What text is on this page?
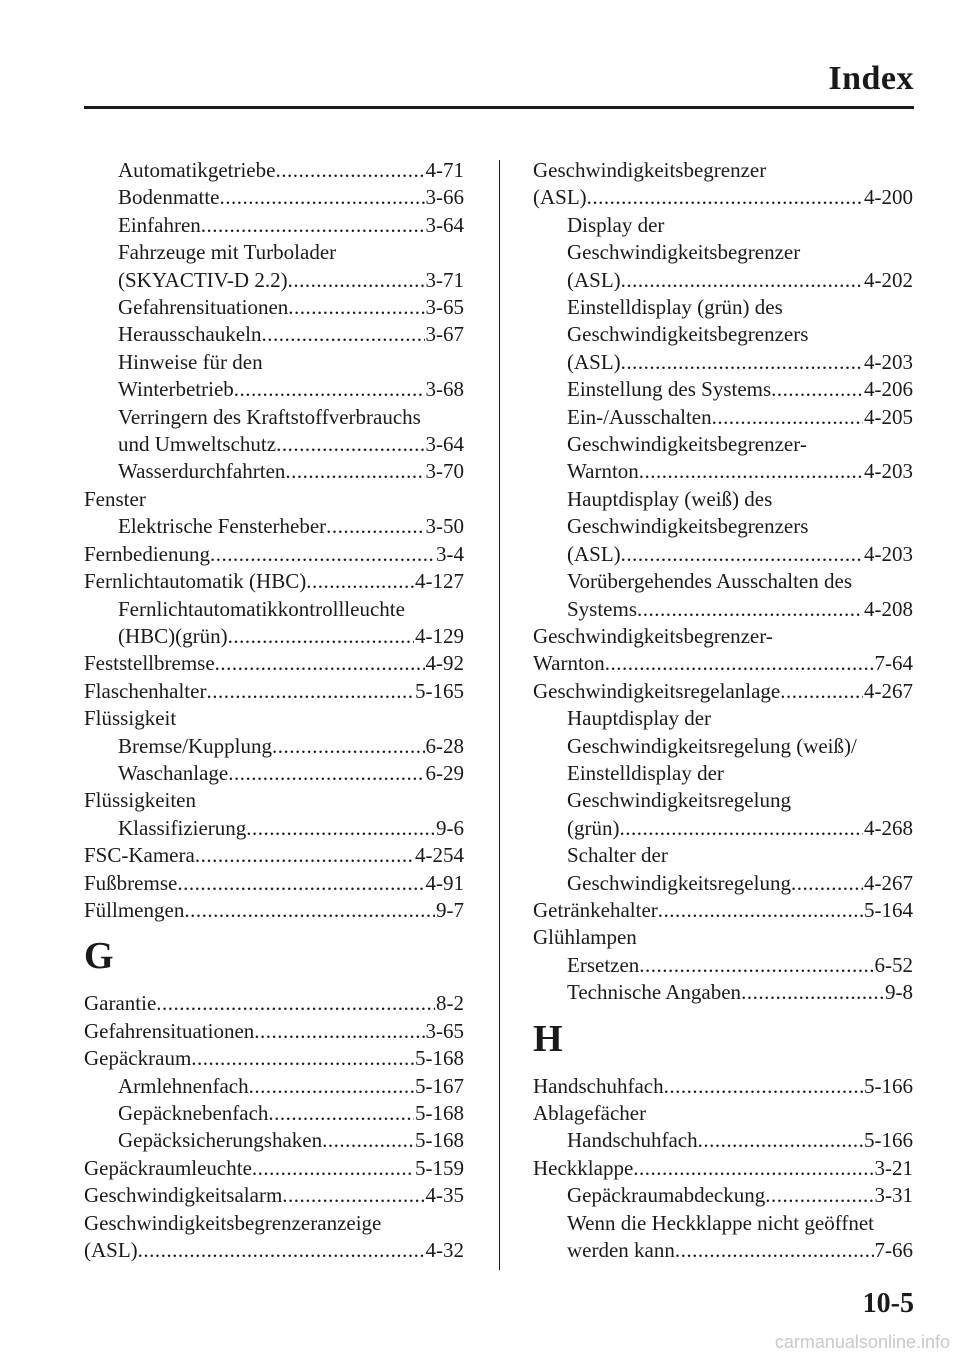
Index
Automatikgetriebe .....	4-71
Bodenmatte .....	3-66
Einfahren .....	3-64
Fahrzeuge mit Turbolader
(SKYACTIV-D 2.2) .....	3-71
Gefahrensituationen .....	3-65
Herausschaukeln .....	3-67
Hinweise für den
Winterbetrieb .....	3-68
Verringern des Kraftstoffverbrauchs
und Umweltschutz .....	3-64
Wasserdurchfahrten .....	3-70
Fenster
Elektrische Fensterheber .....	3-50
Fernbedienung .....	3-4
Fernlichtautomatik (HBC) .....	4-127
Fernlichtautomatikkontrollleuchte
(HBC)(grün) .....	4-129
Feststellbremse .....	4-92
Flaschenhalter .....	5-165
Flüssigkeit
Bremse/Kupplung .....	6-28
Waschanlage .....	6-29
Flüssigkeiten
Klassifizierung .....	9-6
FSC-Kamera .....	4-254
Fußbremse .....	4-91
Füllmengen .....	9-7
G
Garantie .....	8-2
Gefahrensituationen .....	3-65
Gepäckraum .....	5-168
Armlehnenfach .....	5-167
Gepäcknebenfach .....	5-168
Gepäcksicherungshaken .....	5-168
Gepäckraumleuchte .....	5-159
Geschwindigkeitsalarm .....	4-35
Geschwindigkeitsbegrenzeranzeige
(ASL) .....	4-32
Geschwindigkeitsbegrenzer
(ASL) .....	4-200
Display der
Geschwindigkeitsbegrenzer
(ASL) .....	4-202
Einstelldisplay (grün) des
Geschwindigkeitsbegrenzers
(ASL) .....	4-203
Einstellung des Systems .....	4-206
Ein-/Ausschalten .....	4-205
Geschwindigkeitsbegrenzer-
Warnton .....	4-203
Hauptdisplay (weiß) des
Geschwindigkeitsbegrenzers
(ASL) .....	4-203
Vorübergehendes Ausschalten des
Systems .....	4-208
Geschwindigkeitsbegrenzer-
Warnton .....	7-64
Geschwindigkeitsregelanlage .....	4-267
Hauptdisplay der
Geschwindigkeitsregelung (weiß)/
Einstelldisplay der
Geschwindigkeitsregelung
(grün) .....	4-268
Schalter der
Geschwindigkeitsregelung .....	4-267
Getränkehalter .....	5-164
Glühlampen
Ersetzen .....	6-52
Technische Angaben .....	9-8
H
Handschuhfach .....	5-166
Ablagefächer
Handschuhfach .....	5-166
Heckklappe .....	3-21
Gepäckraumabdeckung .....	3-31
Wenn die Heckklappe nicht geöffnet
werden kann .....	7-66
10-5
carmanualsonline.info
